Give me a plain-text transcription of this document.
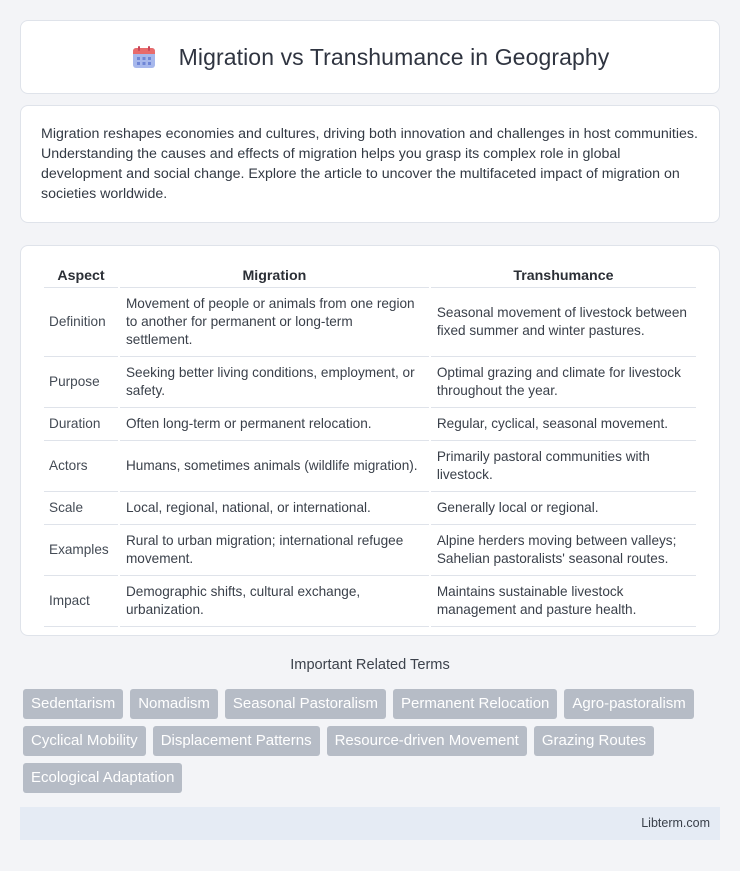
Migration vs Transhumance in Geography

Migration reshapes economies and cultures, driving both innovation and challenges in host communities. Understanding the causes and effects of migration helps you grasp its complex role in global development and social change. Explore the article to uncover the multifaceted impact of migration on societies worldwide.

Aspect	Migration	Transhumance
Definition	Movement of people or animals from one region to another for permanent or long-term settlement.	Seasonal movement of livestock between fixed summer and winter pastures.
Purpose	Seeking better living conditions, employment, or safety.	Optimal grazing and climate for livestock throughout the year.
Duration	Often long-term or permanent relocation.	Regular, cyclical, seasonal movement.
Actors	Humans, sometimes animals (wildlife migration).	Primarily pastoral communities with livestock.
Scale	Local, regional, national, or international.	Generally local or regional.
Examples	Rural to urban migration; international refugee movement.	Alpine herders moving between valleys; Sahelian pastoralists' seasonal routes.
Impact	Demographic shifts, cultural exchange, urbanization.	Maintains sustainable livestock management and pasture health.
Important Related Terms
Sedentarism	Nomadism	Seasonal Pastoralism	Permanent Relocation	Agro-pastoralism
Cyclical Mobility	Displacement Patterns	Resource-driven Movement	Grazing Routes
Ecological Adaptation
Libterm.com
